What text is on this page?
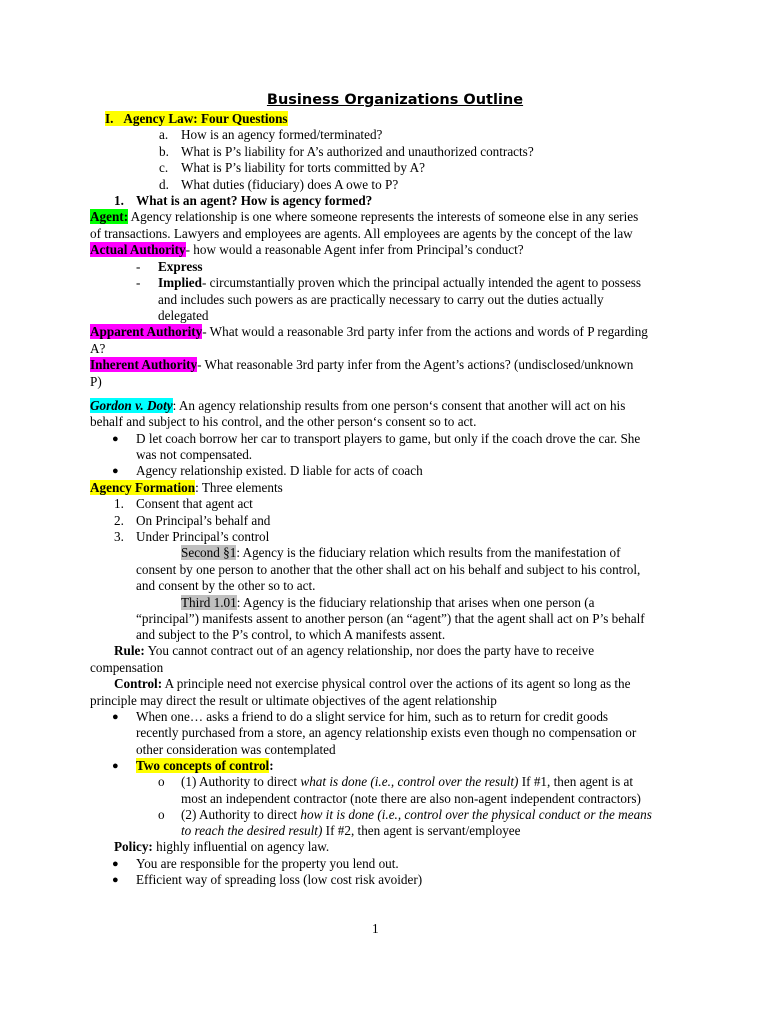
Business Organizations Outline
I. Agency Law: Four Questions
a. How is an agency formed/terminated?
b. What is P’s liability for A’s authorized and unauthorized contracts?
c. What is P’s liability for torts committed by A?
d. What duties (fiduciary) does A owe to P?
1. What is an agent? How is agency formed?
Agent: Agency relationship is one where someone represents the interests of someone else in any series
of transactions. Lawyers and employees are agents. All employees are agents by the concept of the law
Actual Authority- how would a reasonable Agent infer from Principal’s conduct?
- Express
- Implied- circumstantially proven which the principal actually intended the agent to possess
and includes such powers as are practically necessary to carry out the duties actually
delegated
Apparent Authority- What would a reasonable 3rd party infer from the actions and words of P regarding
A?
Inherent Authority- What reasonable 3rd party infer from the Agent’s actions? (undisclosed/unknown
P)
Gordon v. Doty: An agency relationship results from one person‘s consent that another will act on his
behalf and subject to his control, and the other person‘s consent so to act.
● D let coach borrow her car to transport players to game, but only if the coach drove the car. She
was not compensated.
● Agency relationship existed. D liable for acts of coach
Agency Formation: Three elements
1. Consent that agent act
2. On Principal’s behalf and
3. Under Principal’s control
Second §1: Agency is the fiduciary relation which results from the manifestation of
consent by one person to another that the other shall act on his behalf and subject to his control,
and consent by the other so to act.
Third 1.01: Agency is the fiduciary relationship that arises when one person (a
“principal”) manifests assent to another person (an “agent”) that the agent shall act on P’s behalf
and subject to the P’s control, to which A manifests assent.
Rule: You cannot contract out of an agency relationship, nor does the party have to receive
compensation
Control: A principle need not exercise physical control over the actions of its agent so long as the
principle may direct the result or ultimate objectives of the agent relationship
● When one… asks a friend to do a slight service for him, such as to return for credit goods
recently purchased from a store, an agency relationship exists even though no compensation or
other consideration was contemplated
● Two concepts of control:
o (1) Authority to direct what is done (i.e., control over the result) If #1, then agent is at
most an independent contractor (note there are also non-agent independent contractors)
o (2) Authority to direct how it is done (i.e., control over the physical conduct or the means
to reach the desired result) If #2, then agent is servant/employee
Policy: highly influential on agency law.
● You are responsible for the property you lend out.
● Efficient way of spreading loss (low cost risk avoider)
1
